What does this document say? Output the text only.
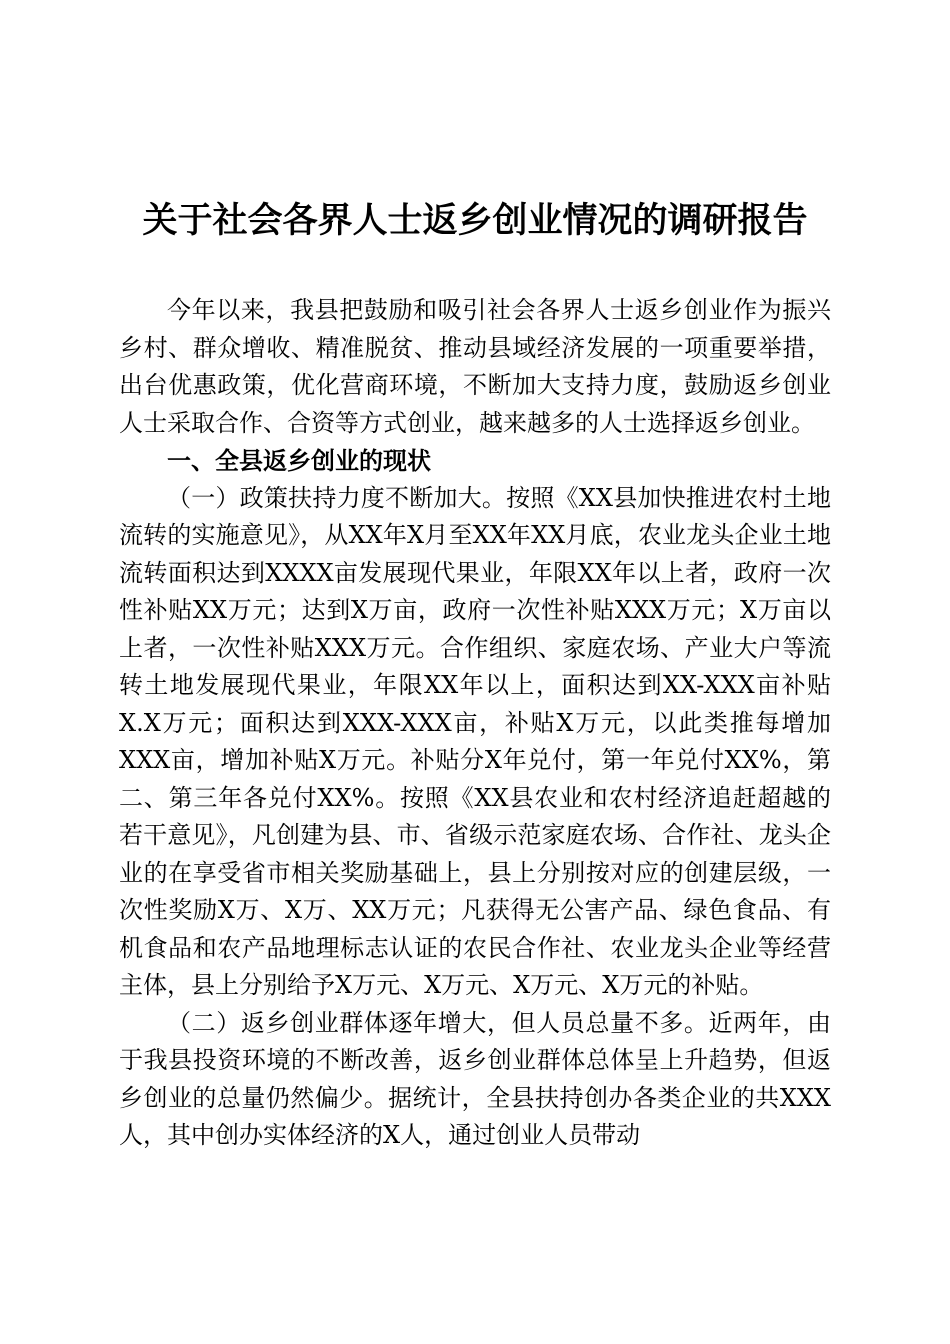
关于社会各界人士返乡创业情况的调研报告

今年以来，我县把鼓励和吸引社会各界人士返乡创业作为振兴乡村、群众增收、精准脱贫、推动县域经济发展的一项重要举措，出台优惠政策，优化营商环境，不断加大支持力度，鼓励返乡创业人士采取合作、合资等方式创业，越来越多的人士选择返乡创业。

一、全县返乡创业的现状

（一）政策扶持力度不断加大。按照《XX县加快推进农村土地流转的实施意见》，从XX年X月至XX年XX月底，农业龙头企业土地流转面积达到XXXX亩发展现代果业，年限XX年以上者，政府一次性补贴XX万元；达到X万亩，政府一次性补贴XXX万元；X万亩以上者，一次性补贴XXX万元。合作组织、家庭农场、产业大户等流转土地发展现代果业，年限XX年以上，面积达到XX-XXX亩补贴X.X万元；面积达到XXX-XXX亩，补贴X万元，以此类推每增加XXX亩，增加补贴X万元。补贴分X年兑付，第一年兑付XX%，第二、第三年各兑付XX%。按照《XX县农业和农村经济追赶超越的若干意见》，凡创建为县、市、省级示范家庭农场、合作社、龙头企业的在享受省市相关奖励基础上，县上分别按对应的创建层级，一次性奖励X万、X万、XX万元；凡获得无公害产品、绿色食品、有机食品和农产品地理标志认证的农民合作社、农业龙头企业等经营主体，县上分别给予X万元、X万元、X万元、X万元的补贴。

（二）返乡创业群体逐年增大，但人员总量不多。近两年，由于我县投资环境的不断改善，返乡创业群体总体呈上升趋势，但返乡创业的总量仍然偏少。据统计，全县扶持创办各类企业的共XXX人，其中创办实体经济的X人，通过创业人员带动
